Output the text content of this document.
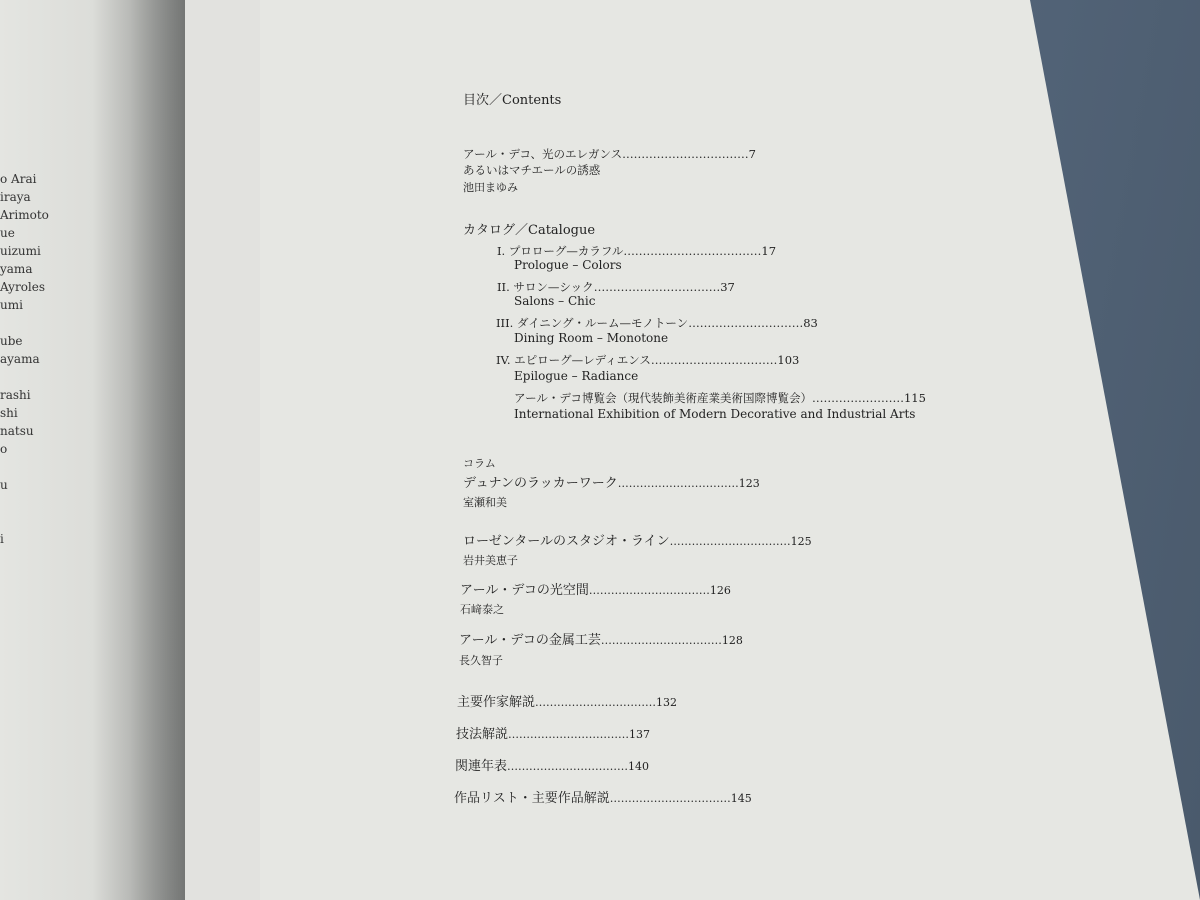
o Arai
iraya
Arimoto
ue
uizumi
yama
Ayroles
umi
ube
ayama
rashi
shi
natsu
o
u
i
目次／Contents
アール・デコ、光のエレガンス……………………………7
あるいはマチエールの誘惑
池田まゆみ
カタログ／Catalogue
I. プロローグ—カラフル………………………………17
Prologue – Colors
II. サロン—シック……………………………37
Salons – Chic
III. ダイニング・ルーム—モノトーン…………………………83
Dining Room – Monotone
IV. エピローグ—レディエンス……………………………103
Epilogue – Radiance
アール・デコ博覧会（現代装飾美術産業美術国際博覧会）……………………115
International Exhibition of Modern Decorative and Industrial Arts
コラム
デュナンのラッカーワーク……………………………123
室瀬和美
ローゼンタールのスタジオ・ライン……………………………125
岩井美恵子
アール・デコの光空間……………………………126
石﨑泰之
アール・デコの金属工芸……………………………128
長久智子
主要作家解説……………………………132
技法解説……………………………137
関連年表……………………………140
作品リスト・主要作品解説……………………………145
